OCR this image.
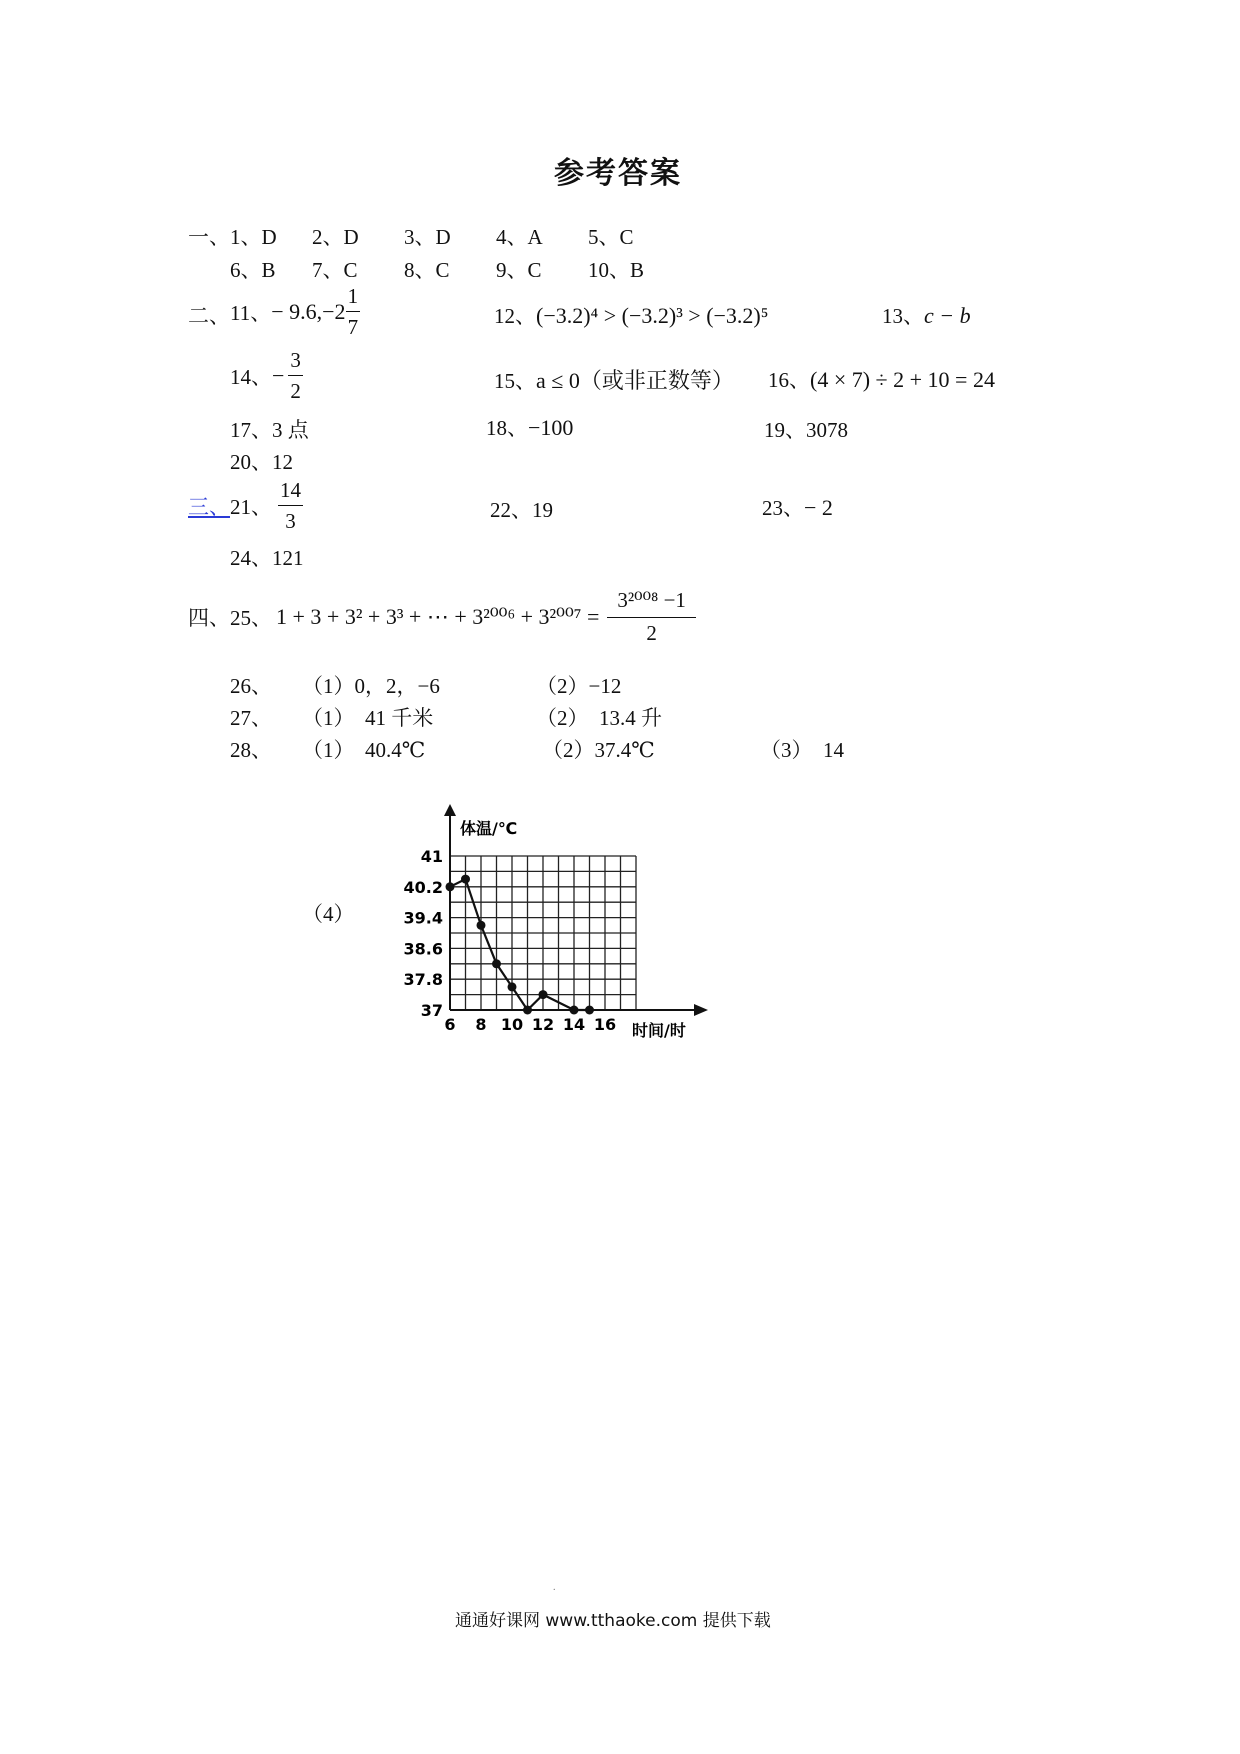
参考答案
一、 1、D 2、D 3、D 4、A 5、C
6、B 7、C 8、C 9、C 10、B
二、 11、 − $9.6,-2 \frac{1}{7}$	12、(−3.2)⁴ > (−3.2)³ > (−3.2)⁵	13、c − b
14、 − $\frac{3}{2}$	15、a ≤ 0（或非正数等） 16、(4 × 7) ÷ 2 + 10 = 24
17、3 点	18、−100	19、3078
20、12
三、 21、 $\frac{14}{3}$	22、19	23、− 2
24、121
四、 25、 1 + 3 + 3² + 3³ + ⋯ + $3^{2006} + 3^{2007} = \frac{\text{3²⁰⁰⁸ −1}}{2}$
26、 （1）0，2，−6	（2）−12
27、 （1）　41 千米	（2）　13.4 升
28、 （1）　40.4℃	（2）37.4℃	（3）　14
（4）
41
40.2
39.4
38.6
37.8
37
6 8 10 12 14 16
体温/℃
时间/时
.
通通好课网 www.tthaoke.com 提供下载
